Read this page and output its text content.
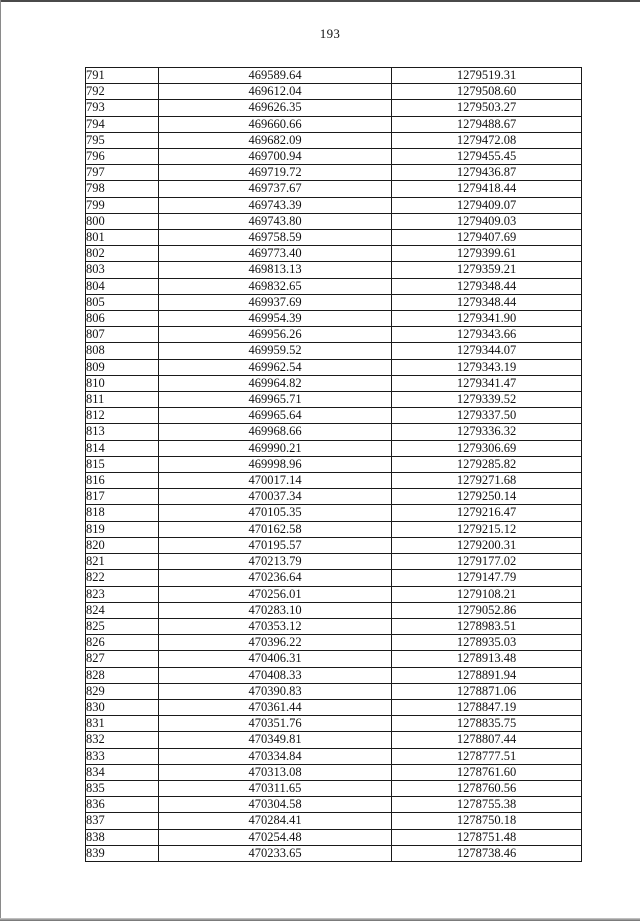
193
791	469589.64	1279519.31
792	469612.04	1279508.60
793	469626.35	1279503.27
794	469660.66	1279488.67
795	469682.09	1279472.08
796	469700.94	1279455.45
797	469719.72	1279436.87
798	469737.67	1279418.44
799	469743.39	1279409.07
800	469743.80	1279409.03
801	469758.59	1279407.69
802	469773.40	1279399.61
803	469813.13	1279359.21
804	469832.65	1279348.44
805	469937.69	1279348.44
806	469954.39	1279341.90
807	469956.26	1279343.66
808	469959.52	1279344.07
809	469962.54	1279343.19
810	469964.82	1279341.47
811	469965.71	1279339.52
812	469965.64	1279337.50
813	469968.66	1279336.32
814	469990.21	1279306.69
815	469998.96	1279285.82
816	470017.14	1279271.68
817	470037.34	1279250.14
818	470105.35	1279216.47
819	470162.58	1279215.12
820	470195.57	1279200.31
821	470213.79	1279177.02
822	470236.64	1279147.79
823	470256.01	1279108.21
824	470283.10	1279052.86
825	470353.12	1278983.51
826	470396.22	1278935.03
827	470406.31	1278913.48
828	470408.33	1278891.94
829	470390.83	1278871.06
830	470361.44	1278847.19
831	470351.76	1278835.75
832	470349.81	1278807.44
833	470334.84	1278777.51
834	470313.08	1278761.60
835	470311.65	1278760.56
836	470304.58	1278755.38
837	470284.41	1278750.18
838	470254.48	1278751.48
839	470233.65	1278738.46
